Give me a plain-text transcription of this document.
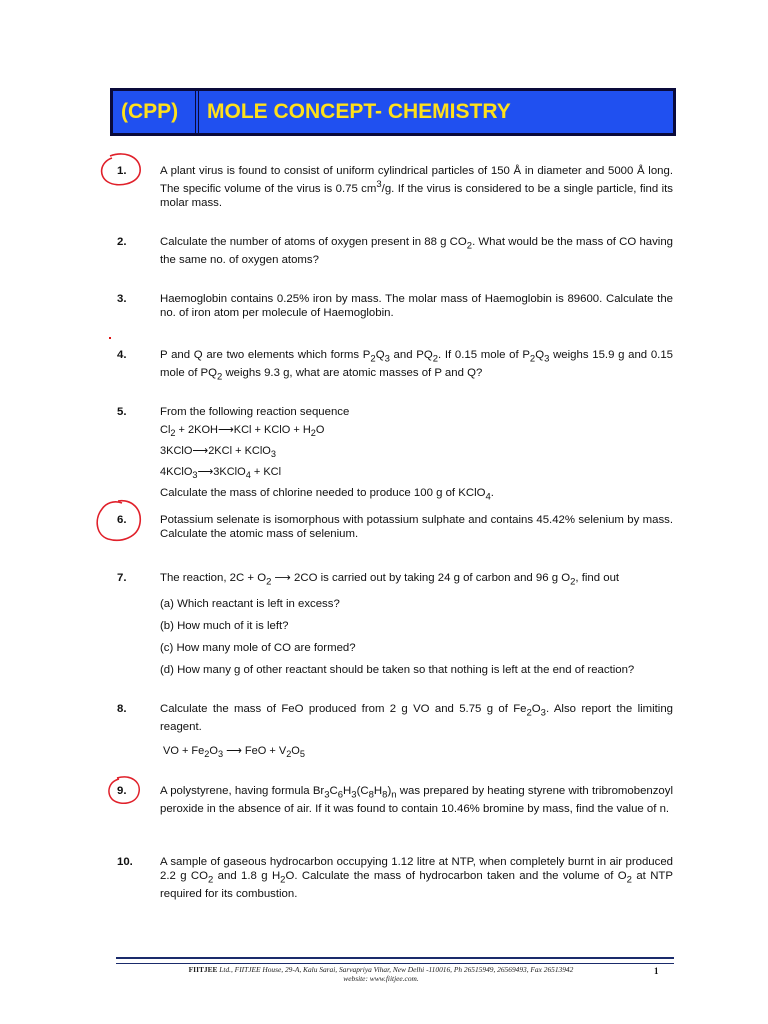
(CPP)	MOLE CONCEPT- CHEMISTRY
1.	A plant virus is found to consist of uniform cylindrical particles of 150 Å in diameter and 5000 Å long. The specific volume of the virus is 0.75 $cm^3/g$. If the virus is considered to be a single particle, find its molar mass.
2.	Calculate the number of atoms of oxygen present in 88 g $CO_2$. What would be the mass of CO having the same no. of oxygen atoms?
3.	Haemoglobin contains 0.25% iron by mass. The molar mass of Haemoglobin is 89600. Calculate the no. of iron atom per molecule of Haemoglobin.
4.	P and Q are two elements which forms $P_2Q_3$ and $PQ_2$. If 0.15 mole of $P_2Q_3$ weighs 15.9 g and 0.15 mole of $PQ_2$ weighs 9.3 g, what are atomic masses of P and Q?
5.	From the following reaction sequence
$Cl_2$ + 2KOH⟶KCl + KClO + $H_2O$
3KClO⟶2KCl + KClO$_3$
4KClO$_3$⟶3KClO$_4$ + KCl
Calculate the mass of chlorine needed to produce 100 g of KClO$_4$.
6.	Potassium selenate is isomorphous with potassium sulphate and contains 45.42% selenium by mass. Calculate the atomic mass of selenium.
7.	The reaction, $2C + O_2$ ⟶ 2CO is carried out by taking 24 g of carbon and 96 g $O_2$, find out
(a) Which reactant is left in excess?
(b) How much of it is left?
(c) How many mole of CO are formed?
(d) How many g of other reactant should be taken so that nothing is left at the end of reaction?
8.	Calculate the mass of FeO produced from 2 g VO and 5.75 g of $Fe_2O_3$. Also report the limiting reagent.
VO + $Fe_2O_3$ ⟶ FeO + $V_2O_5$
9.	A polystyrene, having formula $Br_3C_6H_3(C_8H_8)_n$ was prepared by heating styrene with tribromobenzoyl peroxide in the absence of air. If it was found to contain 10.46% bromine by mass, find the value of n.
10. A sample of gaseous hydrocarbon occupying 1.12 litre at NTP, when completely burnt in air produced 2.2 g $CO_2$ and 1.8 g $H_2O$. Calculate the mass of hydrocarbon taken and the volume of $O_2$ at NTP required for its combustion.
FIITJEE Ltd., FIITJEE House, 29-A, Kalu Sarai, Sarvapriya Vihar, New Delhi -110016, Ph 26515949, 26569493, Fax 26513942
website: www.fiitjee.com.
1
